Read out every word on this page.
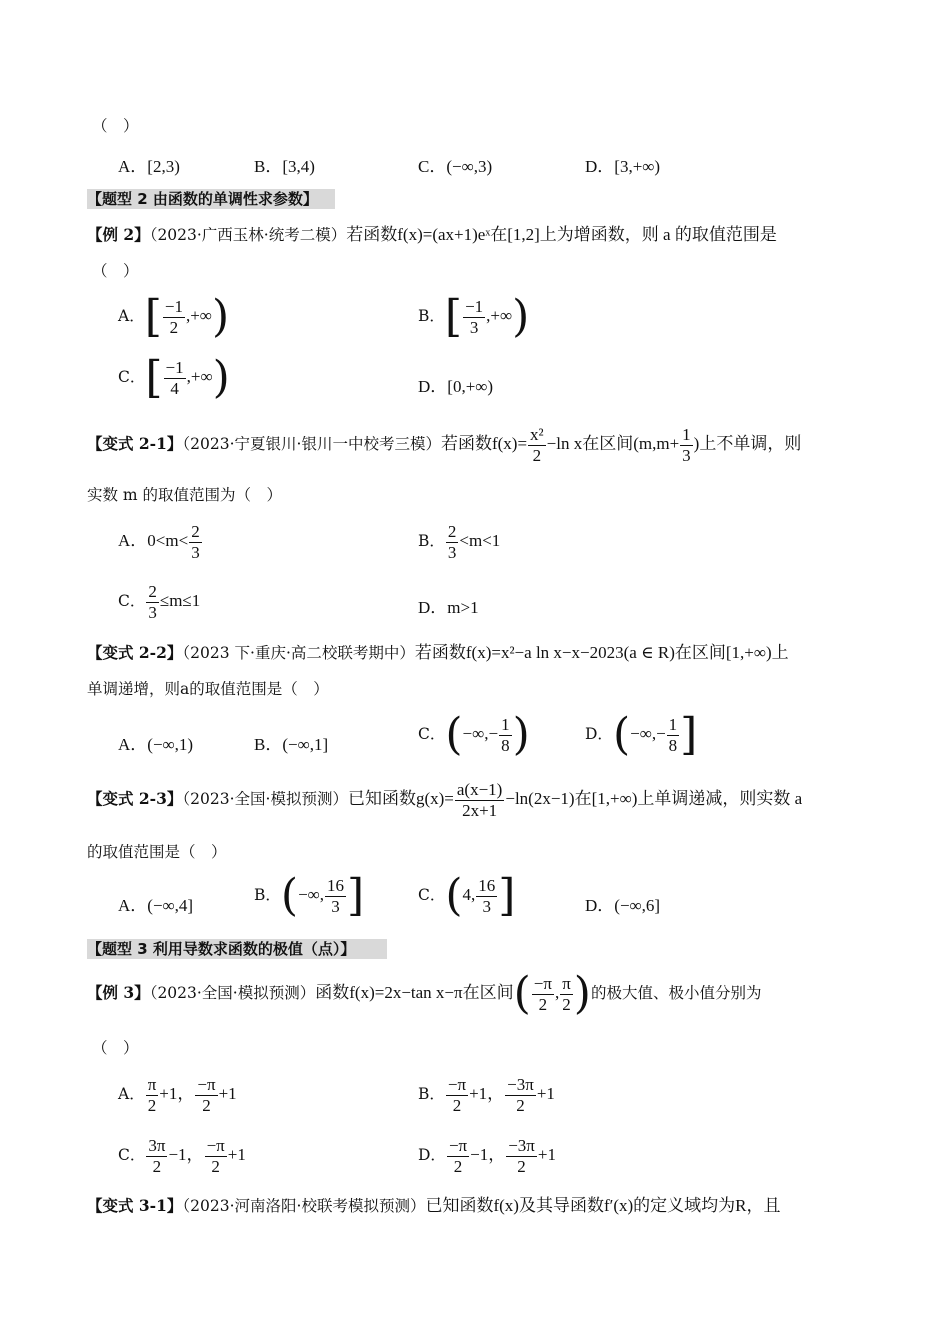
（　）
A．[2,3)	B．[3,4)	C．(−∞,3)	D．[3,+∞)
【题型 2 由函数的单调性求参数】
【例 2】（2023·广西玉林·统考二模）若函数f(x)=(ax+1)eˣ在[1,2]上为增函数，则 a 的取值范围是
（　）
A．[ $\frac{-1}{2}$ ,+∞)	B．[ $\frac{-1}{3}$ ,+∞)
C．[ $\frac{-1}{4}$ ,+∞)	D．[0,+∞)
【变式 2-1】（2023·宁夏银川·银川一中校考三模）若函数$f(x)= \frac{\text{x²}}{2} -\ln$ x在区间($m,m+ \frac{1}{3}$ )上不单调，则
实数 m 的取值范围为（　）
A．$0<m< \frac{2}{3}$	B． $\frac{2}{3} <m<1$
C． $\frac{2}{3} \le m\le 1$	D．m>1
【变式 2-2】（2023 下·重庆·高二校联考期中）若函数f(x)=x²−a ln x−x−2023(a ∈ R)在区间[1,+∞)上
单调递增，则a的取值范围是（　）
A．(−∞,1)	B．(−∞,1]
C．(−∞,− $\frac{1}{8}$ )	D．(−∞,− $\frac{1}{8}$ ]
【变式 2-3】（2023·全国·模拟预测）已知函数$g(x)= \frac{a(x-1)}{2x+1} -\ln(2x-1)$在[1,+∞)上单调递减，则实数 a
的取值范围是（　）
A．(−∞,4]
B．(−∞, $\frac{16}{3}$ ]	C．(4, $\frac{16}{3}$ ]	D．(−∞,6]
【题型 3 利用导数求函数的极值（点）】
【例 3】（2023·全国·模拟预测）函数f(x)=2x−tan x−π在区间( $\frac{-\pi}{2}$ , $\frac{\pi}{2}$ )的极大值、极小值分别为
（　）
A． $\frac{\pi}{2} +1$， $\frac{-\pi}{2} +1$	B． $\frac{-\pi}{2} +1$， $\frac{-3\pi}{2} +1$
C． $\frac{3\pi}{2} -1$， $\frac{-\pi}{2} +1$	D． $\frac{-\pi}{2} -1$， $\frac{-3\pi}{2} +1$
【变式 3-1】（2023·河南洛阳·校联考模拟预测）已知函数f(x)及其导函数f′(x)的定义域均为R，且
